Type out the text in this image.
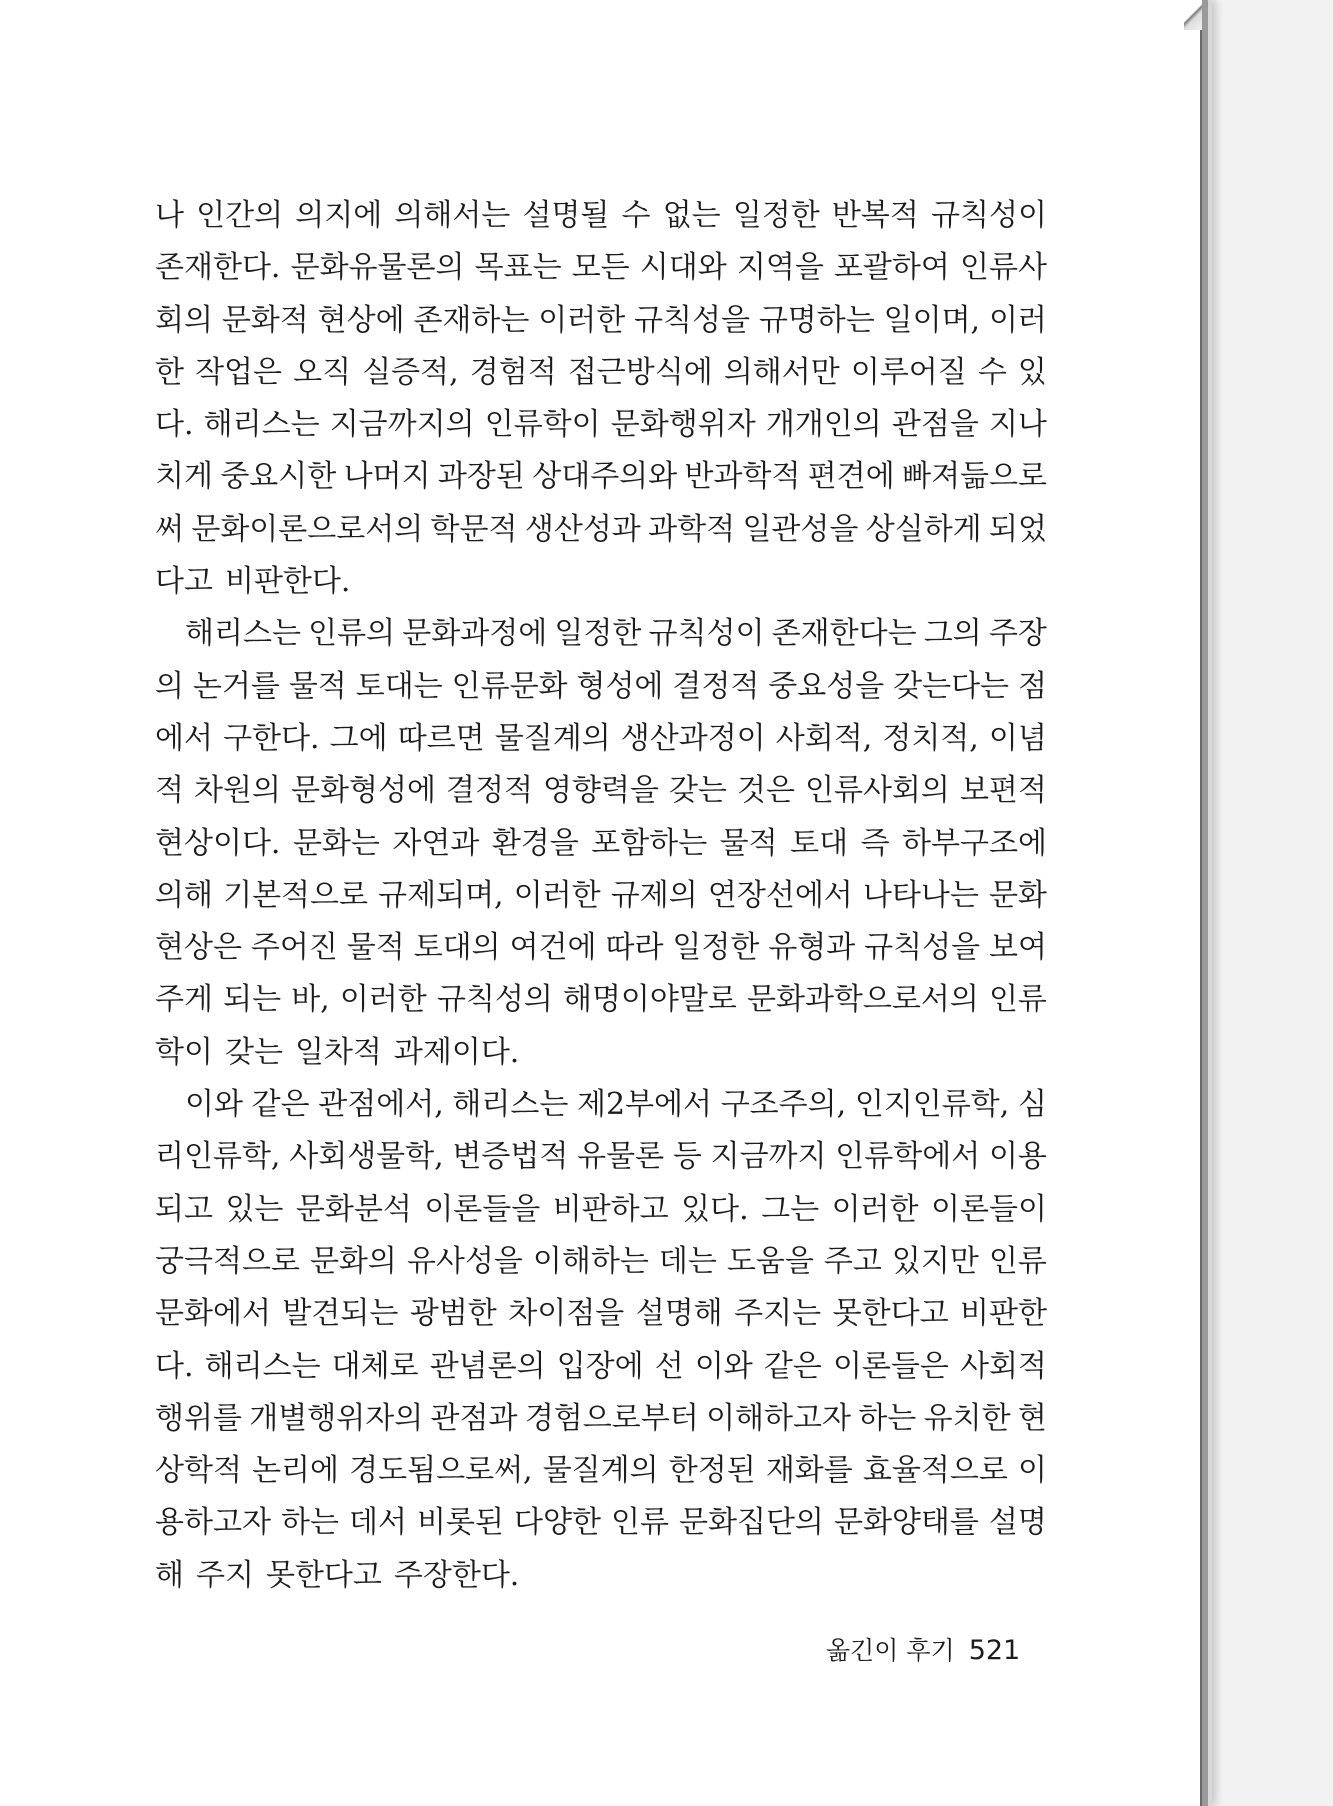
나 인간의 의지에 의해서는 설명될 수 없는 일정한 반복적 규칙성이
존재한다. 문화유물론의 목표는 모든 시대와 지역을 포괄하여 인류사
회의 문화적 현상에 존재하는 이러한 규칙성을 규명하는 일이며, 이러
한 작업은 오직 실증적, 경험적 접근방식에 의해서만 이루어질 수 있
다. 해리스는 지금까지의 인류학이 문화행위자 개개인의 관점을 지나
치게 중요시한 나머지 과장된 상대주의와 반과학적 편견에 빠져듦으로
써 문화이론으로서의 학문적 생산성과 과학적 일관성을 상실하게 되었
다고 비판한다.
해리스는 인류의 문화과정에 일정한 규칙성이 존재한다는 그의 주장
의 논거를 물적 토대는 인류문화 형성에 결정적 중요성을 갖는다는 점
에서 구한다. 그에 따르면 물질계의 생산과정이 사회적, 정치적, 이념
적 차원의 문화형성에 결정적 영향력을 갖는 것은 인류사회의 보편적
현상이다. 문화는 자연과 환경을 포함하는 물적 토대 즉 하부구조에
의해 기본적으로 규제되며, 이러한 규제의 연장선에서 나타나는 문화
현상은 주어진 물적 토대의 여건에 따라 일정한 유형과 규칙성을 보여
주게 되는 바, 이러한 규칙성의 해명이야말로 문화과학으로서의 인류
학이 갖는 일차적 과제이다.
이와 같은 관점에서, 해리스는 제2부에서 구조주의, 인지인류학, 심
리인류학, 사회생물학, 변증법적 유물론 등 지금까지 인류학에서 이용
되고 있는 문화분석 이론들을 비판하고 있다. 그는 이러한 이론들이
궁극적으로 문화의 유사성을 이해하는 데는 도움을 주고 있지만 인류
문화에서 발견되는 광범한 차이점을 설명해 주지는 못한다고 비판한
다. 해리스는 대체로 관념론의 입장에 선 이와 같은 이론들은 사회적
행위를 개별행위자의 관점과 경험으로부터 이해하고자 하는 유치한 현
상학적 논리에 경도됨으로써, 물질계의 한정된 재화를 효율적으로 이
용하고자 하는 데서 비롯된 다양한 인류 문화집단의 문화양태를 설명
해 주지 못한다고 주장한다.
옮긴이 후기 521
